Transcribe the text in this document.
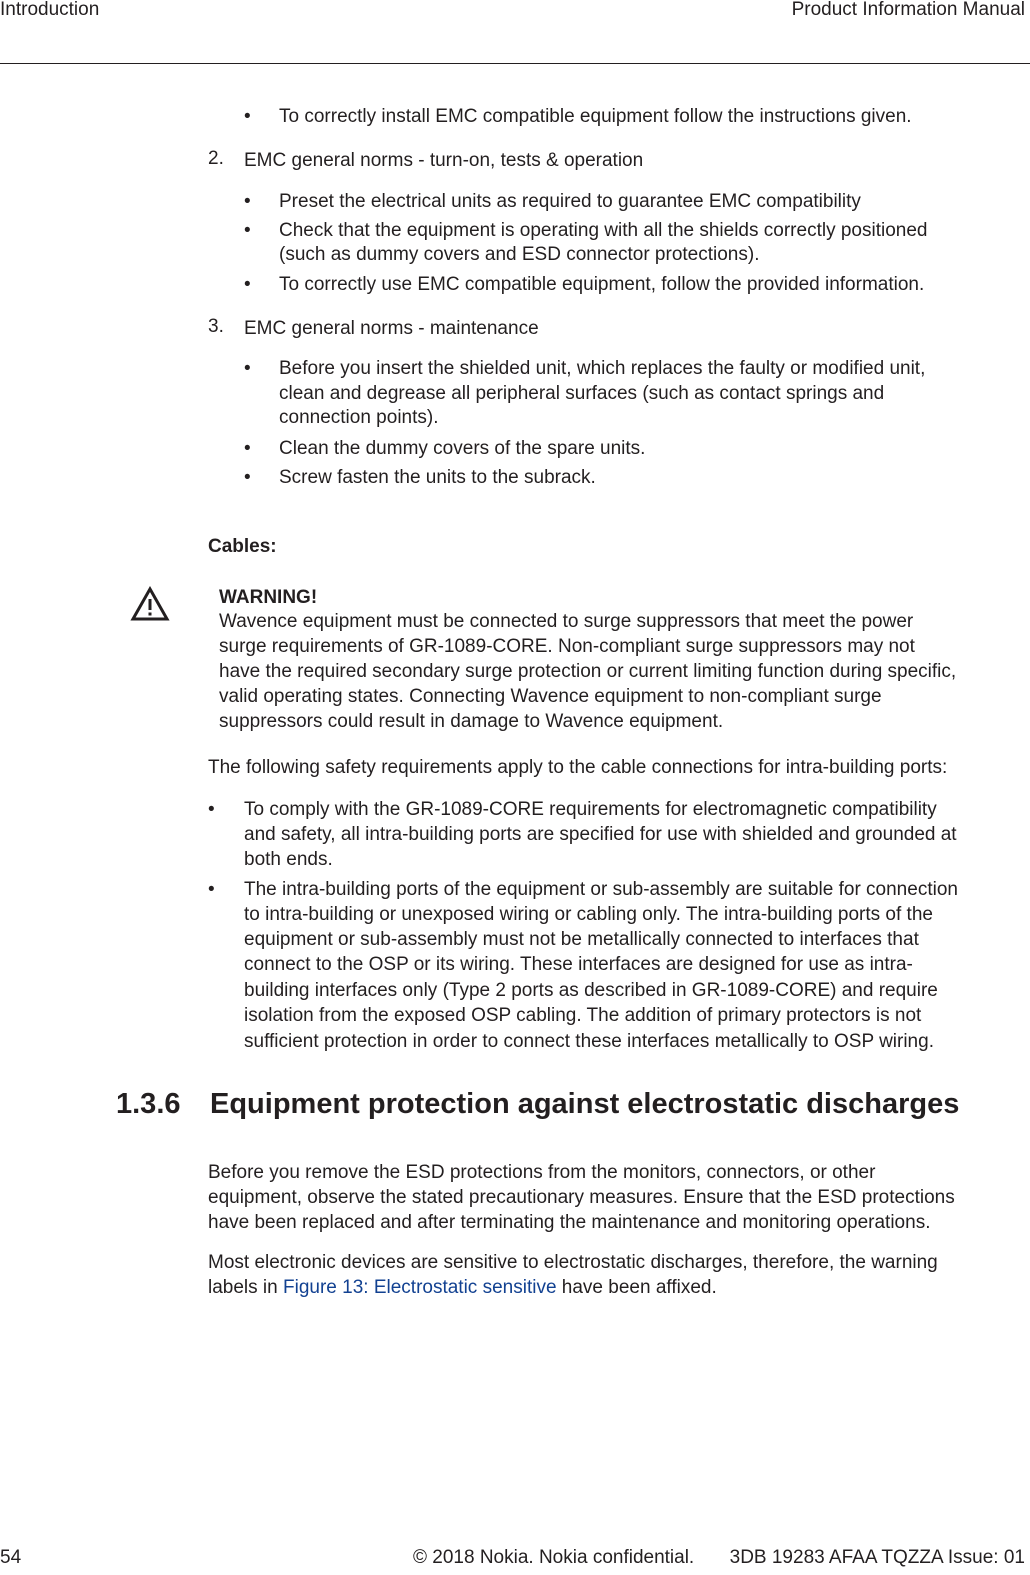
Introduction	Product Information Manual
• To correctly install EMC compatible equipment follow the instructions given.
2. EMC general norms - turn-on, tests & operation
• Preset the electrical units as required to guarantee EMC compatibility
• Check that the equipment is operating with all the shields correctly positioned
(such as dummy covers and ESD connector protections).
• To correctly use EMC compatible equipment, follow the provided information.
3. EMC general norms - maintenance
• Before you insert the shielded unit, which replaces the faulty or modified unit,
clean and degrease all peripheral surfaces (such as contact springs and
connection points).
• Clean the dummy covers of the spare units.
• Screw fasten the units to the subrack.
Cables:
WARNING!
Wavence equipment must be connected to surge suppressors that meet the power
surge requirements of GR-1089-CORE. Non-compliant surge suppressors may not
have the required secondary surge protection or current limiting function during specific,
valid operating states. Connecting Wavence equipment to non-compliant surge
suppressors could result in damage to Wavence equipment.
The following safety requirements apply to the cable connections for intra-building ports:
• To comply with the GR-1089-CORE requirements for electromagnetic compatibility
and safety, all intra-building ports are specified for use with shielded and grounded at
both ends.
• The intra-building ports of the equipment or sub-assembly are suitable for connection
to intra-building or unexposed wiring or cabling only. The intra-building ports of the
equipment or sub-assembly must not be metallically connected to interfaces that
connect to the OSP or its wiring. These interfaces are designed for use as intra-
building interfaces only (Type 2 ports as described in GR-1089-CORE) and require
isolation from the exposed OSP cabling. The addition of primary protectors is not
sufficient protection in order to connect these interfaces metallically to OSP wiring.
1.3.6 Equipment protection against electrostatic discharges
Before you remove the ESD protections from the monitors, connectors, or other
equipment, observe the stated precautionary measures. Ensure that the ESD protections
have been replaced and after terminating the maintenance and monitoring operations.
Most electronic devices are sensitive to electrostatic discharges, therefore, the warning
labels in Figure 13: Electrostatic sensitive have been affixed.
54	© 2018 Nokia. Nokia confidential. 3DB 19283 AFAA TQZZA Issue: 01
